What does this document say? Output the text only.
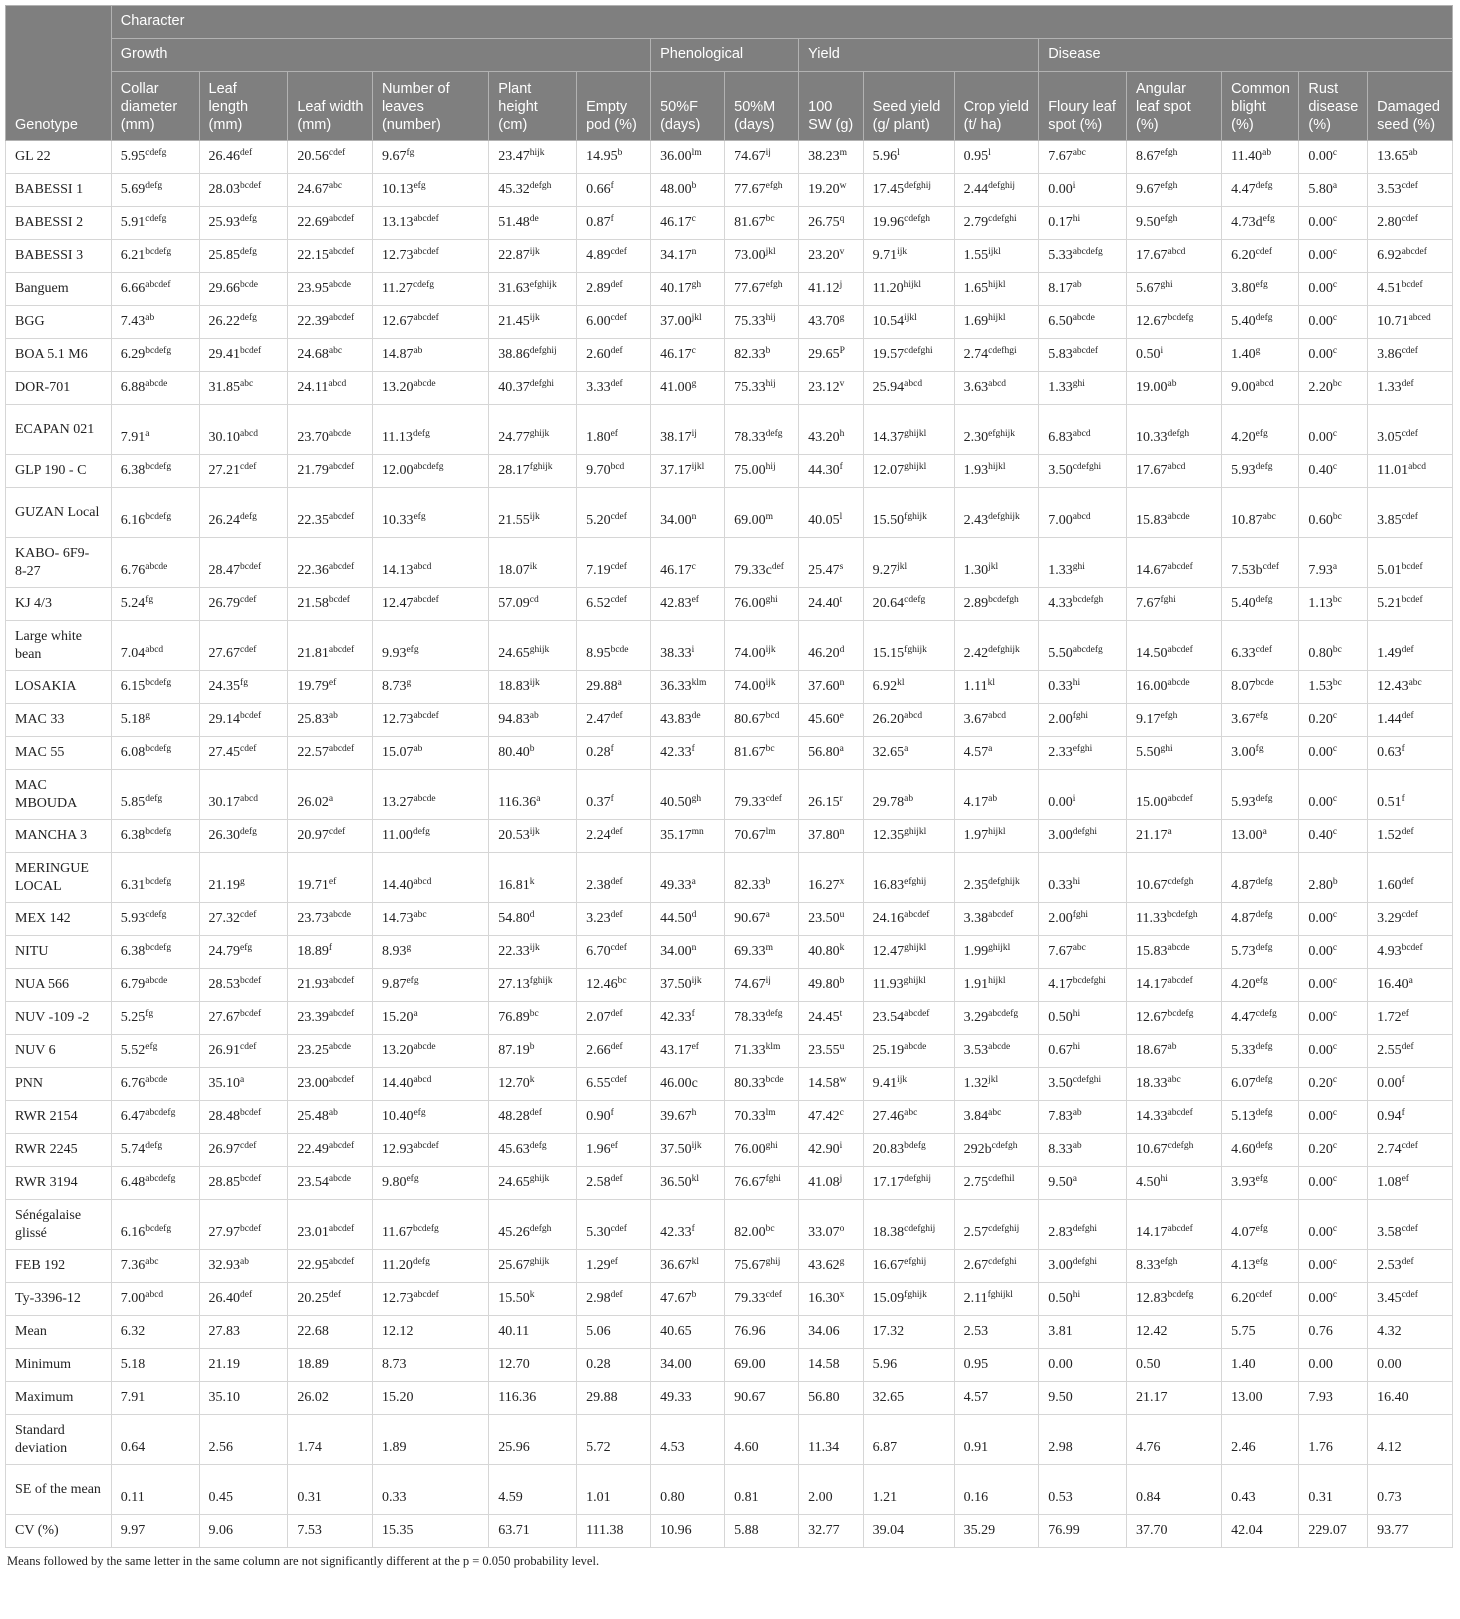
Genotype	Character															
	Growth						Phenological		Yield			Disease				
	Collar diameter (mm)	Leaf length (mm)	Leaf width (mm)	Number of leaves (number)	Plant height (cm)	Empty pod (%)	50%F (days)	50%M (days)	100 SW (g)	Seed yield (g/ plant)	Crop yield (t/ ha)	Floury leaf spot (%)	Angular leaf spot (%)	Common blight (%)	Rust disease (%)	Damaged seed (%)
GL 22	$5.95^{cdefg}$	26.46$^{def}$	$20.56^{cdef}$	9.67$^{fg}$	$23.47^{hijk}$	14.95$^b$	$36.00^{lm}$	$74.67^{ij}$	38.23$^m$	5.96$^l$	0.95$^l$	7.67$^{abc}$	$8.67^{efgh}$	11.40$^{ab}$	0.00$^c$	13.65$^{ab}$
BABESSI 1	$5.69^{defg}$	$28.03^{bcdef}$	24.67$^{abc}$	10.13$^{efg}$	$45.32^{defgh}$	0.66$^f$	48.00$^b$	$77.67^{efgh}$	19.20$^w$	$17.45^{defghij}$	$2.44^{defghij}$	0.00$^i$	$9.67^{efgh}$	$4.47^{defg}$	5.80$^a$	$3.53^{cdef}$
BABESSI 2	$5.91^{cdefg}$	$25.93^{defg}$	$22.69^{abcdef}$	$13.13^{abcdef}$	51.48de	0.87$^f$	46.17$^c$	81.67$^{bc}$	26.75$^q$	$19.96^{cdefgh}$	$2.79^{cdefghi}$	$0.17^{hi}$	$9.50^{efgh}$	$4.73d^{efg}$	0.00$^c$	$2.80^{cdef}$
BABESSI 3	$6.21^{bcdefg}$	$25.85^{defg}$	$22.15^{abcdef}$	$12.73^{abcdef}$	$22.87^{ijk}$	$4.89^{cdef}$	34.17$^n$	$73.00^{jkl}$	23.20$^v$	$9.71^{ijk}$	$1.55^{ijkl}$	$5.33^{abcdefg}$	$17.67^{abcd}$	$6.20^{cdef}$	0.00$^c$	$6.92^{abcdef}$
Banguem	$6.66^{abcdef}$	$29.66^{bcde}$	$23.95^{abcde}$	$11.27^{cdefg}$	$31.63^{efghijk}$	2.89$^{def}$	40.17$^{gh}$	$77.67^{efgh}$	41.12$^j$	$11.20^{hijkl}$	$1.65^{hijkl}$	8.17$^{ab}$	$5.67^{ghi}$	3.80$^{efg}$	0.00$^c$	$4.51^{bcdef}$
BGG	7.43$^{ab}$	$26.22^{defg}$	$22.39^{abcdef}$	$12.67^{abcdef}$	$21.45^{ijk}$	$6.00^{cdef}$	$37.00^{jkl}$	$75.33^{hij}$	43.70$^g$	$10.54^{ijkl}$	$1.69^{hijkl}$	$6.50^{abcde}$	$12.67^{bcdefg}$	$5.40^{defg}$	0.00$^c$	$10.71^{abced}$
BOA 5.1 M6	$6.29^{bcdefg}$	$29.41^{bcdef}$	24.68$^{abc}$	14.87$^{ab}$	$38.86^{defghij}$	2.60$^{def}$	46.17$^c$	82.33$^b$	$29.65^P$	$19.57^{cdefghi}$	$2.74^{cdefhgi}$	$5.83^{abcdef}$	0.50$^i$	1.40$^g$	0.00$^c$	$3.86^{cdef}$
DOR-701	$6.88^{abcde}$	31.85$^{abc}$	$24.11^{abcd}$	$13.20^{abcde}$	$40.37^{defghi}$	3.33$^{def}$	41.00$^g$	$75.33^{hij}$	23.12$^v$	$25.94^{abcd}$	$3.63^{abcd}$	$1.33^{ghi}$	19.00$^{ab}$	$9.00^{abcd}$	2.20$^{bc}$	1.33$^{def}$
ECAPAN 021	7.91$^a$	$30.10^{abcd}$	$23.70^{abcde}$	$11.13^{defg}$	$24.77^{ghijk}$	1.80$^{ef}$	$38.17^{ij}$	$78.33^{defg}$	43.20$^h$	$14.37^{ghijkl}$	$2.30^{efghijk}$	$6.83^{abcd}$	$10.33^{defgh}$	4.20$^{efg}$	0.00$^c$	$3.05^{cdef}$
GLP 190 - C	$6.38^{bcdefg}$	$27.21^{cdef}$	$21.79^{abcdef}$	$12.00^{abcdefg}$	$28.17^{fghijk}$	9.70$^{bcd}$	$37.17^{ijkl}$	$75.00^{hij}$	44.30$^f$	$12.07^{ghijkl}$	$1.93^{hijkl}$	$3.50^{cdefghi}$	$17.67^{abcd}$	$5.93^{defg}$	0.40$^c$	$11.01^{abcd}$
GUZAN Local	$6.16^{bcdefg}$	$26.24^{defg}$	$22.35^{abcdef}$	10.33$^{efg}$	$21.55^{ijk}$	$5.20^{cdef}$	34.00$^n$	69.00$^m$	40.05$^l$	$15.50^{fghijk}$	$2.43^{defghijk}$	$7.00^{abcd}$	$15.83^{abcde}$	10.87$^{abc}$	0.60$^{bc}$	$3.85^{cdef}$
KABO- 6F9- 8-27	$6.76^{abcde}$	$28.47^{bcdef}$	$22.36^{abcdef}$	$14.13^{abcd}$	$18.07^{ik}$	$7.19^{cdef}$	46.17$^c$	$79.33c^{def}$	25.47$^s$	$9.27^{jkl}$	$1.30^{jkl}$	$1.33^{ghi}$	$14.67^{abcdef}$	$7.53b^{cdef}$	7.93$^a$	$5.01^{bcdef}$
KJ 4/3	5.24$^{fg}$	$26.79^{cdef}$	$21.58^{bcdef}$	$12.47^{abcdef}$	57.09$^{cd}$	$6.52^{cdef}$	42.83$^{ef}$	$76.00^{ghi}$	24.40$^t$	$20.64^{cdefg}$	$2.89^{bcdefgh}$	$4.33^{bcdefgh}$	$7.67^{fghi}$	$5.40^{defg}$	1.13$^{bc}$	$5.21^{bcdef}$
Large white bean	$7.04^{abcd}$	$27.67^{cdef}$	$21.81^{abcdef}$	9.93$^{efg}$	$24.65^{ghijk}$	$8.95^{bcde}$	38.33$^i$	$74.00^{ijk}$	46.20$^d$	$15.15^{fghijk}$	$2.42^{defghijk}$	$5.50^{abcdefg}$	$14.50^{abcdef}$	$6.33^{cdef}$	0.80$^{bc}$	1.49$^{def}$
LOSAKIA	$6.15^{bcdefg}$	24.35$^{fg}$	19.79$^{ef}$	8.73$^g$	$18.83^{ijk}$	29.88$^a$	$36.33^{klm}$	$74.00^{ijk}$	37.60$^n$	$6.92^{kl}$	$1.11^{kl}$	$0.33^{hi}$	$16.00^{abcde}$	$8.07^{bcde}$	1.53$^{bc}$	12.43$^{abc}$
MAC 33	5.18$^g$	$29.14^{bcdef}$	25.83$^{ab}$	$12.73^{abcdef}$	94.83$^{ab}$	2.47$^{def}$	43.83de	80.67$^{bcd}$	45.60e	$26.20^{abcd}$	$3.67^{abcd}$	$2.00^{fghi}$	$9.17^{efgh}$	3.67$^{efg}$	0.20$^c$	1.44$^{def}$
MAC 55	$6.08^{bcdefg}$	$27.45^{cdef}$	$22.57^{abcdef}$	15.07$^{ab}$	80.40$^b$	0.28$^f$	42.33$^f$	81.67$^{bc}$	56.80$^a$	32.65$^a$	4.57$^a$	$2.33^{efghi}$	$5.50^{ghi}$	3.00$^{fg}$	0.00$^c$	0.63$^f$
MAC MBOUDA	$5.85^{defg}$	$30.17^{abcd}$	26.02$^a$	$13.27^{abcde}$	116.36$^a$	0.37$^f$	40.50$^{gh}$	$79.33^{cdef}$	26.15$^r$	29.78$^{ab}$	4.17$^{ab}$	0.00$^i$	$15.00^{abcdef}$	$5.93^{defg}$	0.00$^c$	0.51$^f$
MANCHA 3	$6.38^{bcdefg}$	$26.30^{defg}$	$20.97^{cdef}$	$11.00^{defg}$	$20.53^{ijk}$	2.24$^{def}$	$35.17^{mn}$	$70.67^{lm}$	37.80$^n$	$12.35^{ghijkl}$	$1.97^{hijkl}$	$3.00^{defghi}$	21.17$^a$	13.00$^a$	0.40$^c$	1.52$^{def}$
MERINGUE LOCAL	$6.31^{bcdefg}$	21.19$^g$	19.71$^{ef}$	$14.40^{abcd}$	16.81$^k$	2.38$^{def}$	49.33$^a$	82.33$^b$	16.27$^x$	$16.83^{efghij}$	$2.35^{defghijk}$	$0.33^{hi}$	$10.67^{cdefgh}$	$4.87^{defg}$	2.80$^b$	1.60$^{def}$
MEX 142	$5.93^{cdefg}$	$27.32^{cdef}$	$23.73^{abcde}$	14.73$^{abc}$	54.80$^d$	3.23$^{def}$	44.50$^d$	90.67$^a$	23.50$^u$	$24.16^{abcdef}$	$3.38^{abcdef}$	$2.00^{fghi}$	$11.33^{bcdefgh}$	$4.87^{defg}$	0.00$^c$	$3.29^{cdef}$
NITU	$6.38^{bcdefg}$	24.79$^{efg}$	18.89$^f$	8.93$^g$	$22.33^{ijk}$	$6.70^{cdef}$	34.00$^n$	69.33$^m$	40.80$^k$	$12.47^{ghijkl}$	$1.99^{ghijkl}$	7.67$^{abc}$	$15.83^{abcde}$	$5.73^{defg}$	0.00$^c$	$4.93^{bcdef}$
NUA 566	$6.79^{abcde}$	$28.53^{bcdef}$	$21.93^{abcdef}$	9.87$^{efg}$	$27.13^{fghijk}$	12.46$^{bc}$	$37.50^{ijk}$	$74.67^{ij}$	49.80$^b$	$11.93^{ghijkl}$	$1.91^{hijkl}$	$4.17^{bcdefghi}$	$14.17^{abcdef}$	4.20$^{efg}$	0.00$^c$	16.40$^a$
NUV -109 -2	5.25$^{fg}$	$27.67^{bcdef}$	$23.39^{abcdef}$	15.20$^a$	76.89$^{bc}$	2.07$^{def}$	42.33$^f$	$78.33^{defg}$	24.45$^t$	$23.54^{abcdef}$	$3.29^{abcdefg}$	$0.50^{hi}$	$12.67^{bcdefg}$	$4.47^{cdefg}$	0.00$^c$	1.72$^{ef}$
NUV 6	5.52$^{efg}$	$26.91^{cdef}$	$23.25^{abcde}$	$13.20^{abcde}$	87.19$^b$	2.66$^{def}$	43.17$^{ef}$	$71.33^{klm}$	23.55$^u$	$25.19^{abcde}$	$3.53^{abcde}$	$0.67^{hi}$	18.67$^{ab}$	$5.33^{defg}$	0.00$^c$	2.55$^{def}$
PNN	$6.76^{abcde}$	35.10$^a$	$23.00^{abcdef}$	$14.40^{abcd}$	12.70$^k$	$6.55^{cdef}$	46.00c	$80.33^{bcde}$	14.58$^w$	$9.41^{ijk}$	$1.32^{jkl}$	$3.50^{cdefghi}$	18.33$^{abc}$	$6.07^{defg}$	0.20$^c$	0.00$^f$
RWR 2154	$6.47^{abcdefg}$	$28.48^{bcdef}$	25.48$^{ab}$	10.40$^{efg}$	48.28$^{def}$	0.90$^f$	39.67$^h$	$70.33^{lm}$	47.42$^c$	27.46$^{abc}$	3.84$^{abc}$	7.83$^{ab}$	$14.33^{abcdef}$	$5.13^{defg}$	0.00$^c$	0.94$^f$
RWR 2245	$5.74^{defg}$	$26.97^{cdef}$	$22.49^{abcdef}$	$12.93^{abcdef}$	$45.63^{defg}$	1.96$^{ef}$	$37.50^{ijk}$	$76.00^{ghi}$	42.90$^i$	$20.83^{bdefg}$	$292b^{cdefgh}$	8.33$^{ab}$	$10.67^{cdefgh}$	$4.60^{defg}$	0.20$^c$	$2.74^{cdef}$
RWR 3194	$6.48^{abcdefg}$	$28.85^{bcdef}$	$23.54^{abcde}$	9.80$^{efg}$	$24.65^{ghijk}$	2.58$^{def}$	$36.50^{kl}$	$76.67^{fghi}$	41.08$^j$	$17.17^{defghij}$	$2.75^{cdefhil}$	9.50$^a$	$4.50^{hi}$	3.93$^{efg}$	0.00$^c$	1.08$^{ef}$
Sénégalaise glissé	$6.16^{bcdefg}$	$27.97^{bcdef}$	$23.01^{abcdef}$	$11.67^{bcdefg}$	$45.26^{defgh}$	$5.30^{cdef}$	42.33$^f$	82.00$^{bc}$	33.07$^o$	$18.38^{cdefghij}$	$2.57^{cdefghij}$	$2.83^{defghi}$	$14.17^{abcdef}$	4.07$^{efg}$	0.00$^c$	$3.58^{cdef}$
FEB 192	7.36$^{abc}$	32.93$^{ab}$	$22.95^{abcdef}$	$11.20^{defg}$	$25.67^{ghijk}$	1.29$^{ef}$	$36.67^{kl}$	$75.67^{ghij}$	43.62$^g$	$16.67^{efghij}$	$2.67^{cdefghi}$	$3.00^{defghi}$	$8.33^{efgh}$	4.13$^{efg}$	0.00$^c$	2.53$^{def}$
Ty-3396-12	$7.00^{abcd}$	26.40$^{def}$	20.25$^{def}$	$12.73^{abcdef}$	15.50$^k$	2.98$^{def}$	47.67$^b$	$79.33^{cdef}$	16.30$^x$	$15.09^{fghijk}$	$2.11^{fghijkl}$	$0.50^{hi}$	$12.83^{bcdefg}$	$6.20^{cdef}$	0.00$^c$	$3.45^{cdef}$
Mean	6.32	27.83	22.68	12.12	40.11	5.06	40.65	76.96	34.06	17.32	2.53	3.81	12.42	5.75	0.76	4.32
Minimum	5.18	21.19	18.89	8.73	12.70	0.28	34.00	69.00	14.58	5.96	0.95	0.00	0.50	1.40	0.00	0.00
Maximum	7.91	35.10	26.02	15.20	116.36	29.88	49.33	90.67	56.80	32.65	4.57	9.50	21.17	13.00	7.93	16.40
Standard deviation	0.64	2.56	1.74	1.89	25.96	5.72	4.53	4.60	11.34	6.87	0.91	2.98	4.76	2.46	1.76	4.12
SE of the mean	0.11	0.45	0.31	0.33	4.59	1.01	0.80	0.81	2.00	1.21	0.16	0.53	0.84	0.43	0.31	0.73
CV (%)	9.97	9.06	7.53	15.35	63.71	111.38	10.96	5.88	32.77	39.04	35.29	76.99	37.70	42.04	229.07	93.77
Means followed by the same letter in the same column are not significantly different at the p = 0.050 probability level.
